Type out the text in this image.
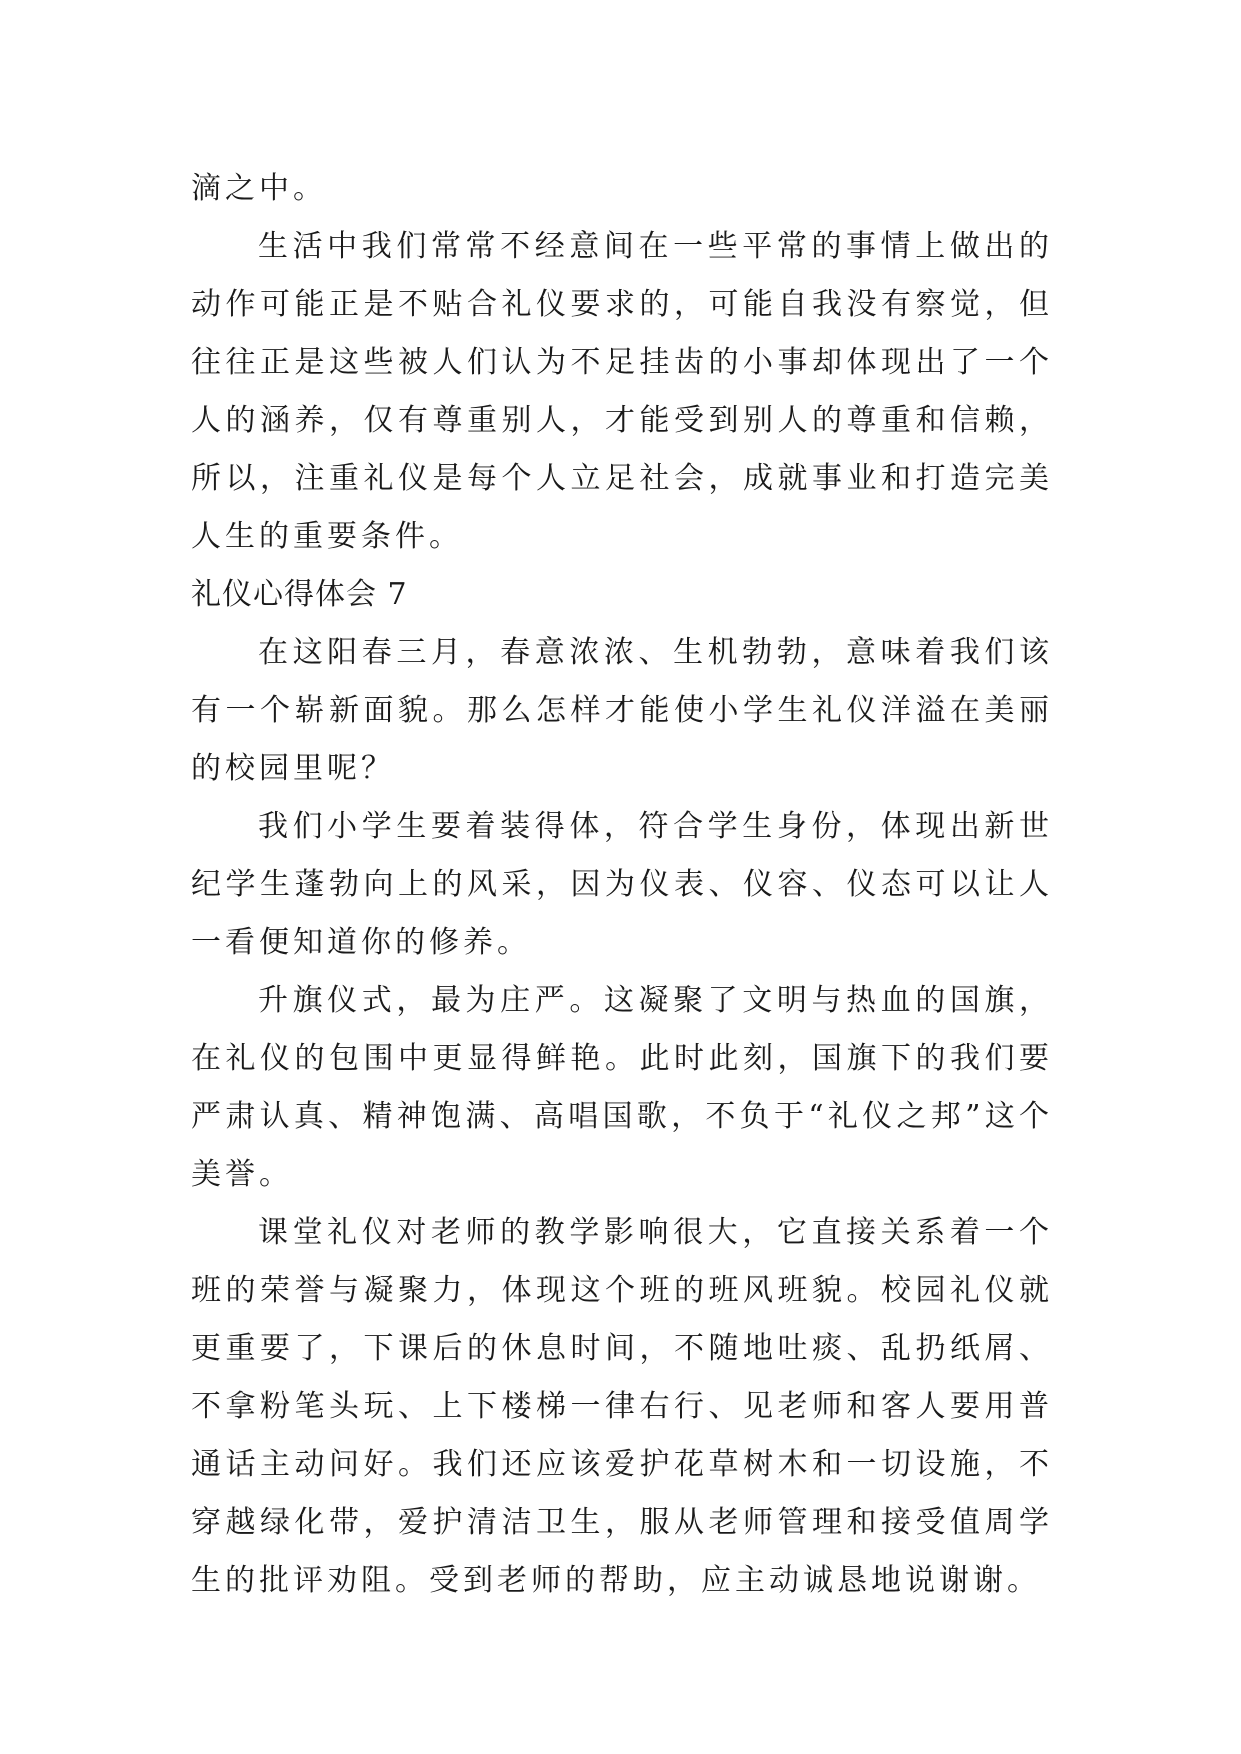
滴之中。

生活中我们常常不经意间在一些平常的事情上做出的动作可能正是不贴合礼仪要求的，可能自我没有察觉，但往往正是这些被人们认为不足挂齿的小事却体现出了一个人的涵养，仅有尊重别人，才能受到别人的尊重和信赖，所以，注重礼仪是每个人立足社会，成就事业和打造完美人生的重要条件。

礼仪心得体会 7

在这阳春三月，春意浓浓、生机勃勃，意味着我们该有一个崭新面貌。那么怎样才能使小学生礼仪洋溢在美丽的校园里呢？

我们小学生要着装得体，符合学生身份，体现出新世纪学生蓬勃向上的风采，因为仪表、仪容、仪态可以让人一看便知道你的修养。

升旗仪式，最为庄严。这凝聚了文明与热血的国旗，在礼仪的包围中更显得鲜艳。此时此刻，国旗下的我们要严肃认真、精神饱满、高唱国歌，不负于“礼仪之邦”这个美誉。

课堂礼仪对老师的教学影响很大，它直接关系着一个班的荣誉与凝聚力，体现这个班的班风班貌。校园礼仪就更重要了，下课后的休息时间，不随地吐痰、乱扔纸屑、不拿粉笔头玩、上下楼梯一律右行、见老师和客人要用普通话主动问好。我们还应该爱护花草树木和一切设施，不穿越绿化带，爱护清洁卫生，服从老师管理和接受值周学生的批评劝阻。受到老师的帮助，应主动诚恳地说谢谢。
